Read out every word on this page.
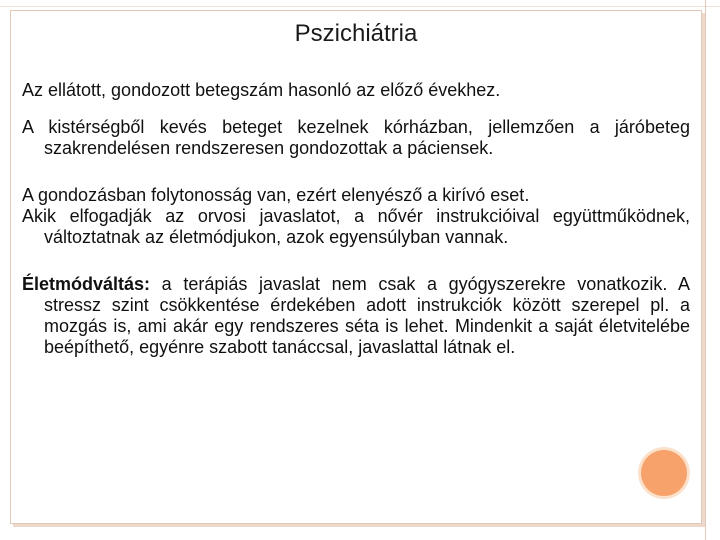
Pszichiátria

Az ellátott, gondozott betegszám hasonló az előző évekhez.

A kistérségből kevés beteget kezelnek kórházban, jellemzően a járóbeteg szakrendelésen rendszeresen gondozottak a páciensek.

A gondozásban folytonosság van, ezért elenyésző a kirívó eset.

Akik elfogadják az orvosi javaslatot, a nővér instrukcióival együttműködnek, változtatnak az életmódjukon, azok egyensúlyban vannak.

Életmódváltás: a terápiás javaslat nem csak a gyógyszerekre vonatkozik. A stressz szint csökkentése érdekében adott instrukciók között szerepel pl. a mozgás is, ami akár egy rendszeres séta is lehet. Mindenkit a saját életvitelébe beépíthető, egyénre szabott tanáccsal, javaslattal látnak el.
